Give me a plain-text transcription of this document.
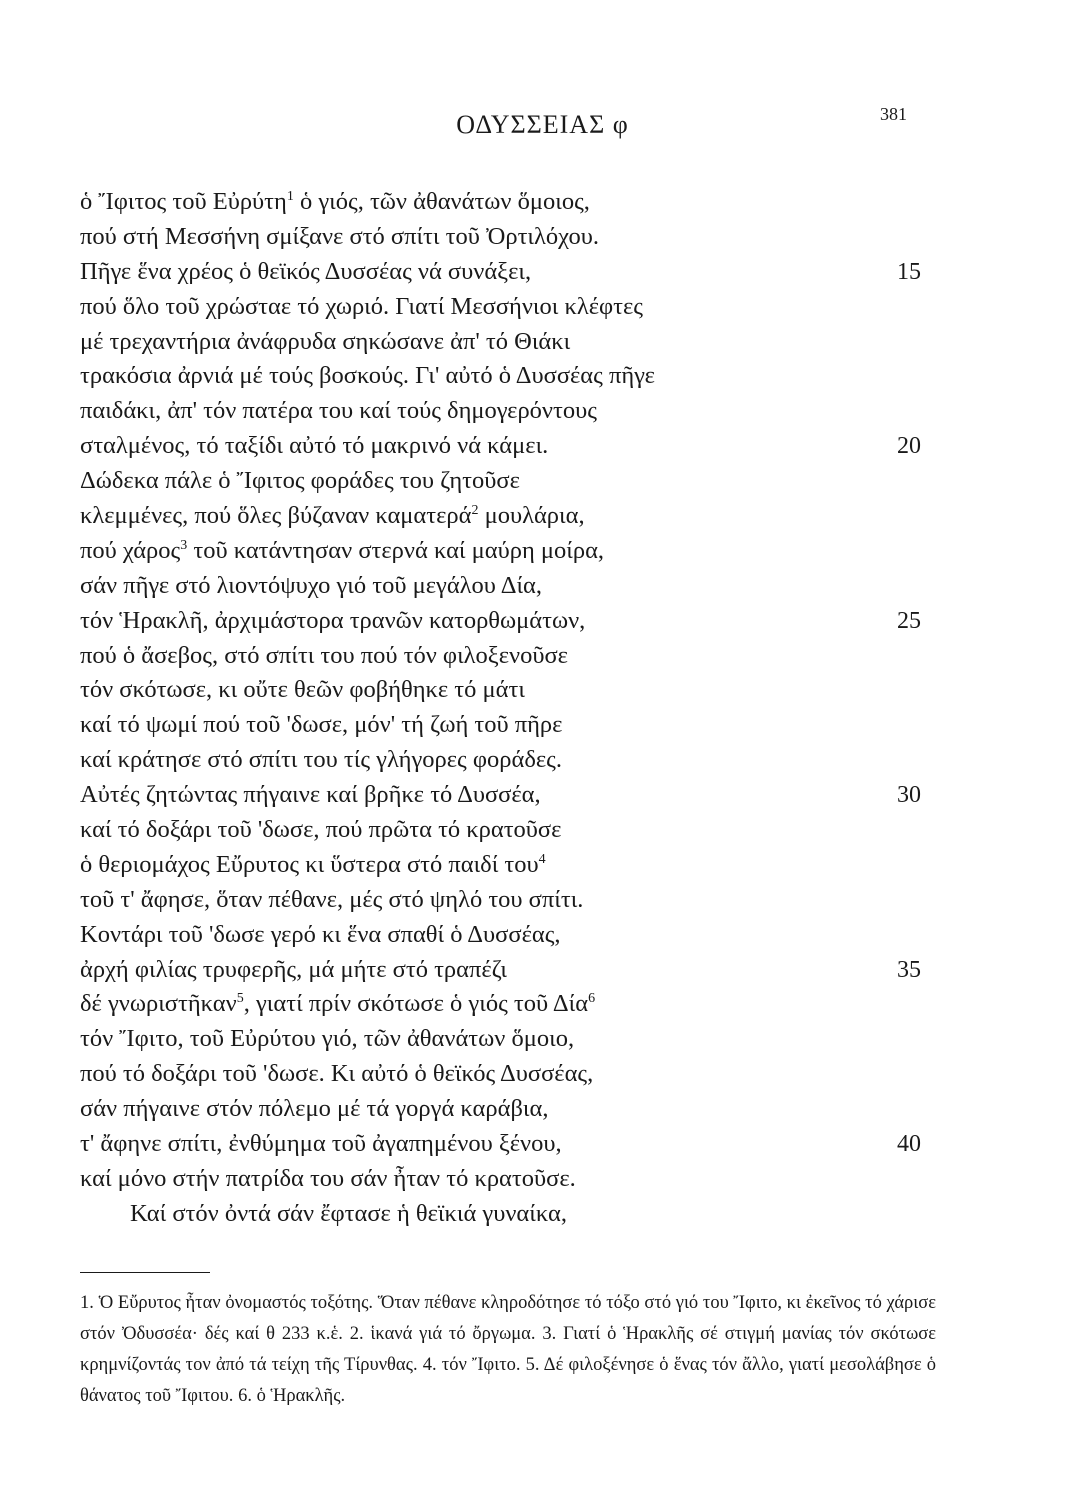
ΟΔΥΣΣΕΙΑΣ φ	381
ὁ Ἴφιτος τοῦ Εὐρύτη$^1$ ὁ γιός, τῶν ἀθανάτων ὅμοιος,
πού στή Μεσσήνη σμίξανε στό σπίτι τοῦ Ὀρτιλόχου.
Πῆγε ἕνα χρέος ὁ θεϊκός Δυσσέας νά συνάξει,	15
πού ὅλο τοῦ χρώσταε τό χωριό. Γιατί Μεσσήνιοι κλέφτες
μέ τρεχαντήρια ἀνάφρυδα σηκώσανε ἀπ' τό Θιάκι
τρακόσια ἀρνιά μέ τούς βοσκούς. Γι' αὐτό ὁ Δυσσέας πῆγε
παιδάκι, ἀπ' τόν πατέρα του καί τούς δημογερόντους
σταλμένος, τό ταξίδι αὐτό τό μακρινό νά κάμει.	20
Δώδεκα πάλε ὁ Ἴφιτος φοράδες του ζητοῦσε
κλεμμένες, πού ὅλες βύζαναν καματερά$^2$ μουλάρια,
πού χάρος$^3$ τοῦ κατάντησαν στερνά καί μαύρη μοίρα,
σάν πῆγε στό λιοντόψυχο γιό τοῦ μεγάλου Δία,
τόν Ἡρακλῆ, ἀρχιμάστορα τρανῶν κατορθωμάτων,	25
πού ὁ ἄσεβος, στό σπίτι του πού τόν φιλοξενοῦσε
τόν σκότωσε, κι οὔτε θεῶν φοβήθηκε τό μάτι
καί τό ψωμί πού τοῦ 'δωσε, μόν' τή ζωή τοῦ πῆρε
καί κράτησε στό σπίτι του τίς γλήγορες φοράδες.
Αὐτές ζητώντας πήγαινε καί βρῆκε τό Δυσσέα,	30
καί τό δοξάρι τοῦ 'δωσε, πού πρῶτα τό κρατοῦσε
ὁ θεριομάχος Εὔρυτος κι ὕστερα στό παιδί του$^4$
τοῦ τ' ἄφησε, ὅταν πέθανε, μές στό ψηλό του σπίτι.
Κοντάρι τοῦ 'δωσε γερό κι ἕνα σπαθί ὁ Δυσσέας,
ἀρχή φιλίας τρυφερῆς, μά μήτε στό τραπέζι	35
δέ γνωριστῆκαν$^5$, γιατί πρίν σκότωσε ὁ γιός τοῦ Δία$^6$
τόν Ἴφιτο, τοῦ Εὐρύτου γιό, τῶν ἀθανάτων ὅμοιο,
πού τό δοξάρι τοῦ 'δωσε. Κι αὐτό ὁ θεϊκός Δυσσέας,
σάν πήγαινε στόν πόλεμο μέ τά γοργά καράβια,
τ' ἄφηνε σπίτι, ἐνθύμημα τοῦ ἀγαπημένου ξένου,	40
καί μόνο στήν πατρίδα του σάν ἦταν τό κρατοῦσε.
Καί στόν ὀντά σάν ἔφτασε ἡ θεϊκιά γυναίκα,
1. Ὁ Εὔρυτος ἦταν ὀνομαστός τοξότης. Ὅταν πέθανε κληροδότησε τό τόξο στό γιό του Ἴφιτο, κι ἐκεῖνος τό χάρισε στόν Ὀδυσσέα· δές καί θ 233 κ.ἑ. 2. ἱκανά γιά τό ὄργωμα. 3. Γιατί ὁ Ἡρακλῆς σέ στιγμή μανίας τόν σκότωσε κρημνίζοντάς τον ἀπό τά τείχη τῆς Τίρυνθας. 4. τόν Ἴφιτο. 5. Δέ φιλοξένησε ὁ ἕνας τόν ἄλλο, γιατί μεσολάβησε ὁ θάνατος τοῦ Ἴφιτου. 6. ὁ Ἡρακλῆς.
